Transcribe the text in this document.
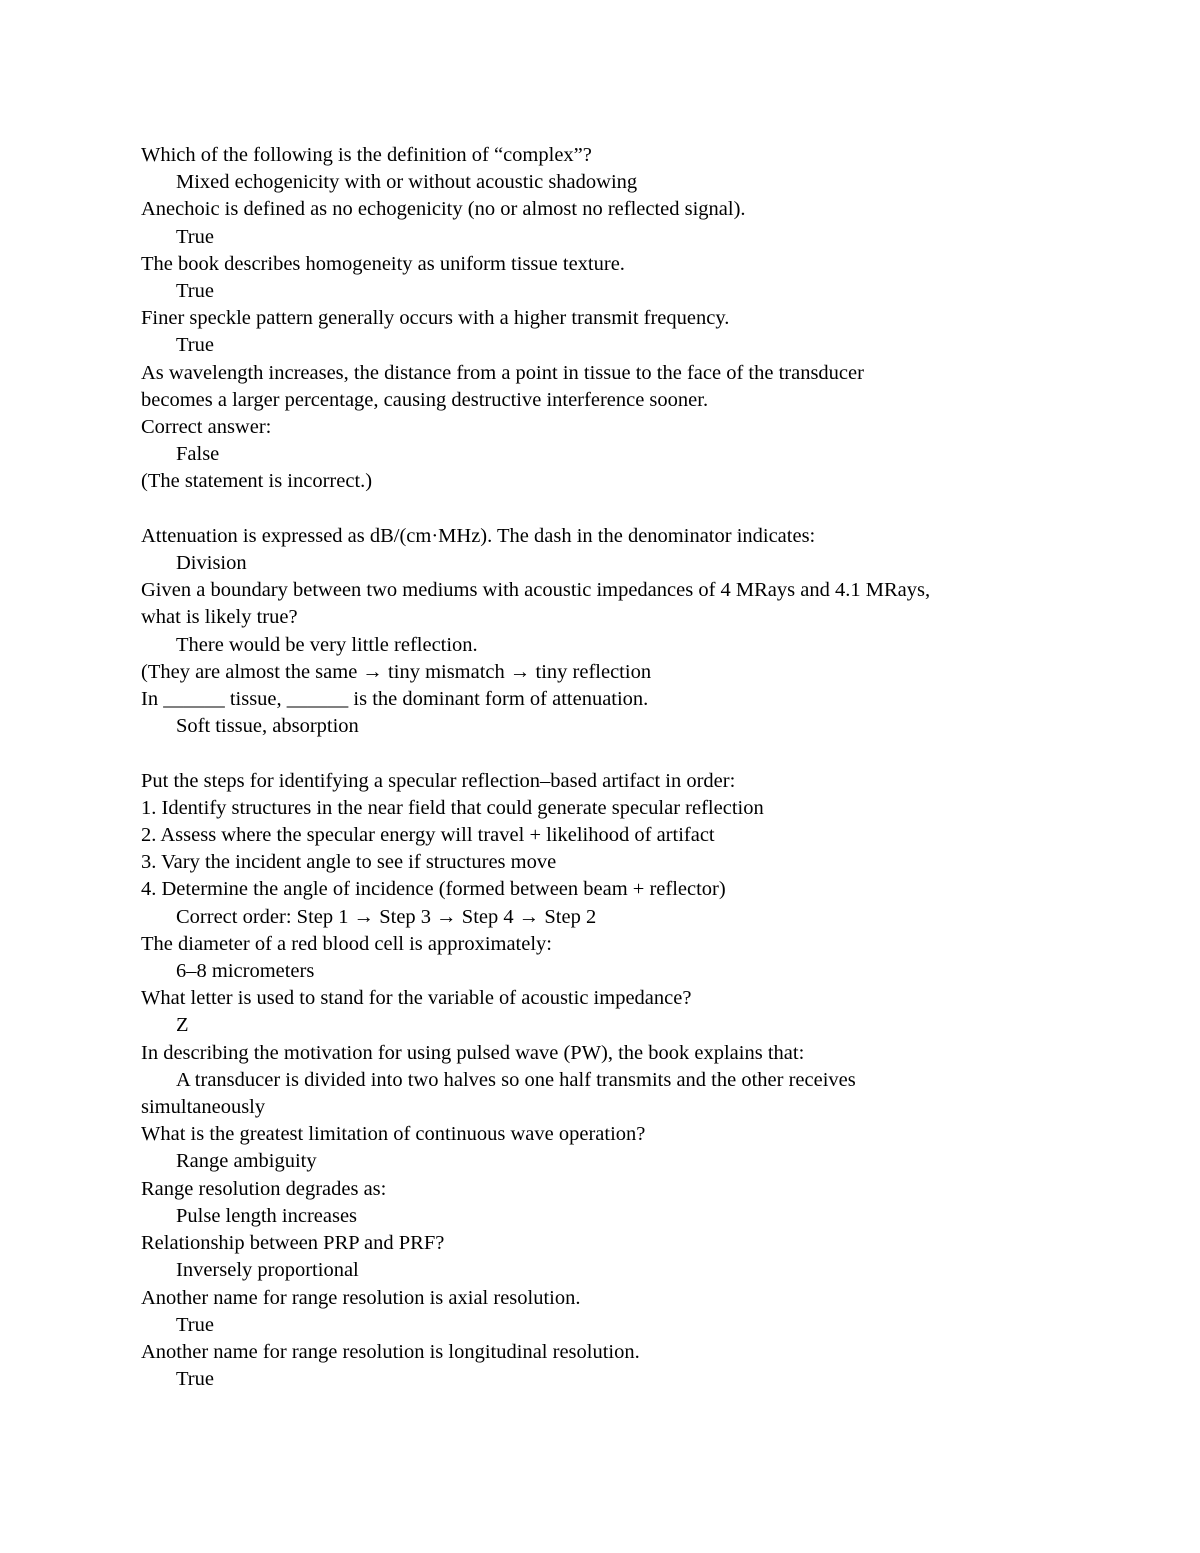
Which of the following is the definition of “complex”?
Mixed echogenicity with or without acoustic shadowing
Anechoic is defined as no echogenicity (no or almost no reflected signal).
True
The book describes homogeneity as uniform tissue texture.
True
Finer speckle pattern generally occurs with a higher transmit frequency.
True
As wavelength increases, the distance from a point in tissue to the face of the transducer
becomes a larger percentage, causing destructive interference sooner.
Correct answer:
False
(The statement is incorrect.)
Attenuation is expressed as dB/(cm·MHz). The dash in the denominator indicates:
Division
Given a boundary between two mediums with acoustic impedances of 4 MRays and 4.1 MRays,
what is likely true?
There would be very little reflection.
(They are almost the same → tiny mismatch → tiny reflection
In ______ tissue, ______ is the dominant form of attenuation.
Soft tissue, absorption
Put the steps for identifying a specular reflection–based artifact in order:
1. Identify structures in the near field that could generate specular reflection
2. Assess where the specular energy will travel + likelihood of artifact
3. Vary the incident angle to see if structures move
4. Determine the angle of incidence (formed between beam + reflector)
Correct order: Step 1 → Step 3 → Step 4 → Step 2
The diameter of a red blood cell is approximately:
6–8 micrometers
What letter is used to stand for the variable of acoustic impedance?
Z
In describing the motivation for using pulsed wave (PW), the book explains that:
A transducer is divided into two halves so one half transmits and the other receives
simultaneously
What is the greatest limitation of continuous wave operation?
Range ambiguity
Range resolution degrades as:
Pulse length increases
Relationship between PRP and PRF?
Inversely proportional
Another name for range resolution is axial resolution.
True
Another name for range resolution is longitudinal resolution.
True
